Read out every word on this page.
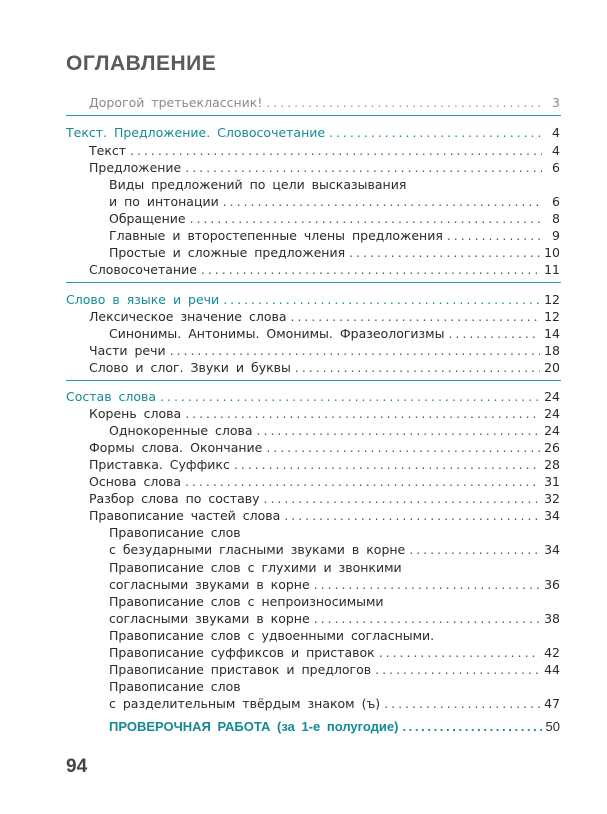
ОГЛАВЛЕНИЕ
Дорогой третьеклассник! . . .	3
Текст. Предложение. Словосочетание . . .	4
Текст . . .	4
Предложение . . .	6
Виды предложений по цели высказывания
и по интонации . . .	6
Обращение . . .	8
Главные и второстепенные члены предложения . . .	9
Простые и сложные предложения . . .	10
Словосочетание . . .	11
Слово в языке и речи . . .	12
Лексическое значение слова . . .	12
Синонимы. Антонимы. Омонимы. Фразеологизмы . . .	14
Части речи . . .	18
Слово и слог. Звуки и буквы . . .	20
Состав слова . . .	24
Корень слова . . .	24
Однокоренные слова . . .	24
Формы слова. Окончание . . .	26
Приставка. Суффикс . . .	28
Основа слова . . .	31
Разбор слова по составу . . .	32
Правописание частей слова . . .	34
Правописание слов
с безударными гласными звуками в корне . . .	34
Правописание слов с глухими и звонкими
согласными звуками в корне . . .	36
Правописание слов с непроизносимыми
согласными звуками в корне . . .	38
Правописание слов с удвоенными согласными.
Правописание суффиксов и приставок . . .	42
Правописание приставок и предлогов . . .	44
Правописание слов
с разделительным твёрдым знаком (ъ) . . .	47
ПРОВЕРОЧНАЯ РАБОТА (за 1-е полугодие) . . .	50
94
